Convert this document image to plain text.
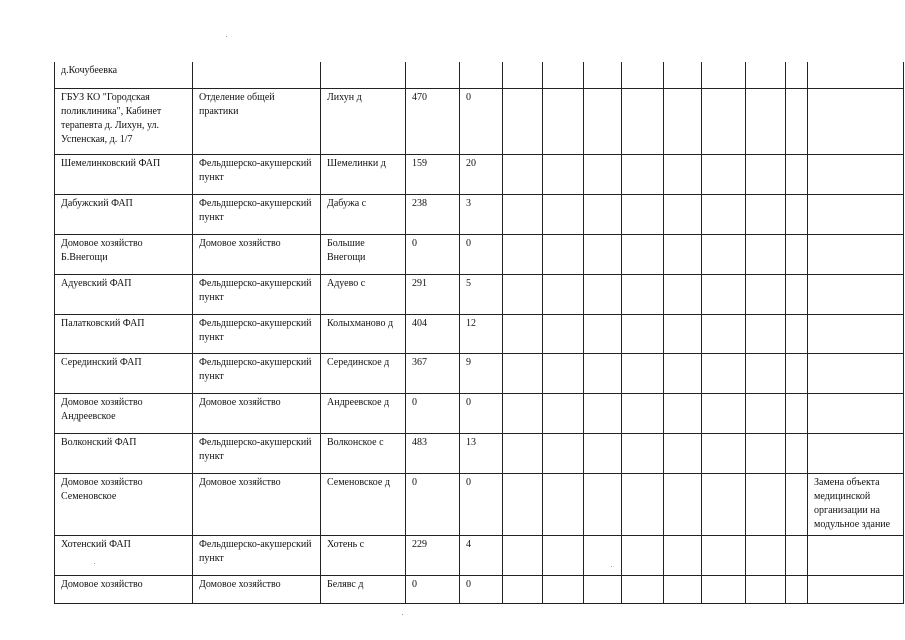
д.Кочубеевка													
ГБУЗ КО "Городская поликлиника", Кабинет терапевта д. Лихун, ул. Успенская, д. 1/7	Отделение общей практики	Лихун д	470	0									
Шемелинковский ФАП	Фельдшерско-акушерский пункт	Шемелинки д	159	20									
Дабужский ФАП	Фельдшерско-акушерский пункт	Дабужа с	238	3									
Домовое хозяйство Б.Внегощи	Домовое хозяйство	Большие Внегощи	0	0									
Адуевский ФАП	Фельдшерско-акушерский пункт	Адуево с	291	5									
Палатковский ФАП	Фельдшерско-акушерский пункт	Колыхманово д	404	12									
Серединский ФАП	Фельдшерско-акушерский пункт	Серединское д	367	9									
Домовое хозяйство Андреевское	Домовое хозяйство	Андреевское д	0	0									
Волконский ФАП	Фельдшерско-акушерский пункт	Волконское с	483	13									
Домовое хозяйство Семеновское	Домовое хозяйство	Семеновское д	0	0									Замена объекта медицинской организации на модульное здание
Хотенский ФАП	Фельдшерско-акушерский пункт	Хотень с	229	4									
Домовое хозяйство	Домовое хозяйство	Белявс д	0	0									
